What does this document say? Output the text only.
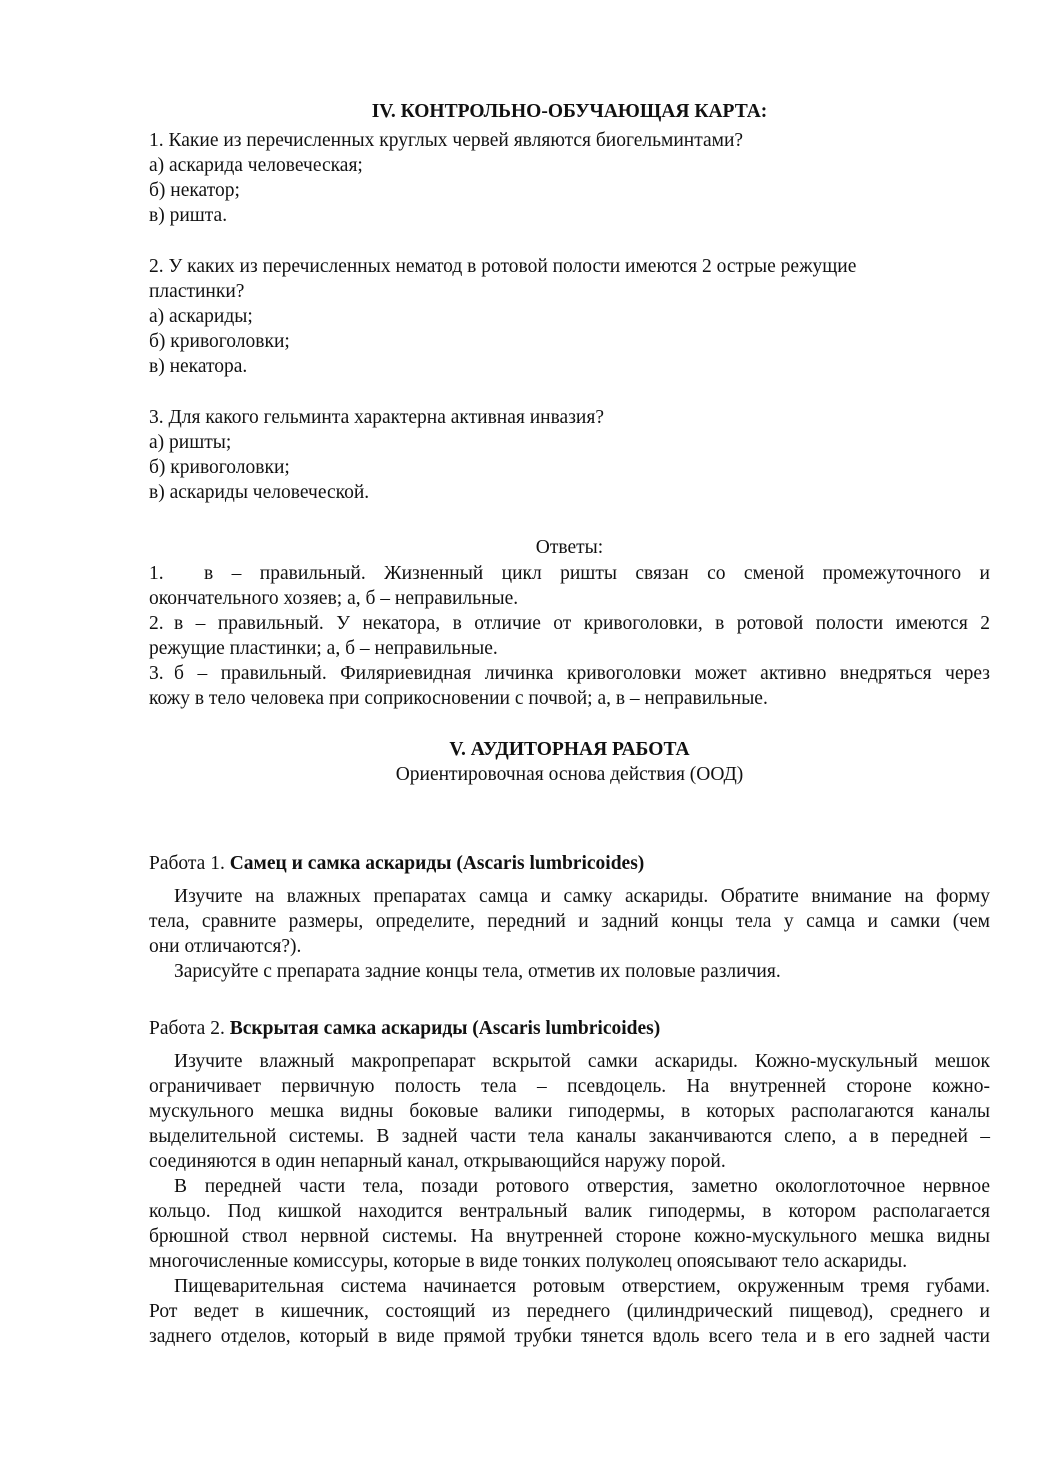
IV. КОНТРОЛЬНО-ОБУЧАЮЩАЯ КАРТА:
1. Какие из перечисленных круглых червей являются биогельминтами?
а) аскарида человеческая;
б) некатор;
в) ришта.
2. У каких из перечисленных нематод в ротовой полости имеются 2 острые режущие
пластинки?
а) аскариды;
б) кривоголовки;
в) некатора.
3. Для какого гельминта характерна активная инвазия?
а) ришты;
б) кривоголовки;
в) аскариды человеческой.
Ответы:
1. в – правильный. Жизненный цикл ришты связан со сменой промежуточного и
окончательного хозяев; а, б – неправильные.
2. в – правильный. У некатора, в отличие от кривоголовки, в ротовой полости имеются 2
режущие пластинки; а, б – неправильные.
3. б – правильный. Филяриевидная личинка кривоголовки может активно внедряться через
кожу в тело человека при соприкосновении с почвой; а, в – неправильные.
V. АУДИТОРНАЯ РАБОТА
Ориентировочная основа действия (ООД)
Работа 1. Самец и самка аскариды (Ascaris lumbricoides)
Изучите на влажных препаратах самца и самку аскариды. Обратите внимание на форму
тела, сравните размеры, определите, передний и задний концы тела у самца и самки (чем
они отличаются?).
Зарисуйте с препарата задние концы тела, отметив их половые различия.
Работа 2. Вскрытая самка аскариды (Ascaris lumbricoides)
Изучите влажный макропрепарат вскрытой самки аскариды. Кожно-мускульный мешок
ограничивает первичную полость тела – псевдоцель. На внутренней стороне кожно-
мускульного мешка видны боковые валики гиподермы, в которых располагаются каналы
выделительной системы. В задней части тела каналы заканчиваются слепо, а в передней –
соединяются в один непарный канал, открывающийся наружу порой.
В передней части тела, позади ротового отверстия, заметно окологлоточное нервное
кольцо. Под кишкой находится вентральный валик гиподермы, в котором располагается
брюшной ствол нервной системы. На внутренней стороне кожно-мускульного мешка видны
многочисленные комиссуры, которые в виде тонких полуколец опоясывают тело аскариды.
Пищеварительная система начинается ротовым отверстием, окруженным тремя губами.
Рот ведет в кишечник, состоящий из переднего (цилиндрический пищевод), среднего и
заднего отделов, который в виде прямой трубки тянется вдоль всего тела и в его задней части
